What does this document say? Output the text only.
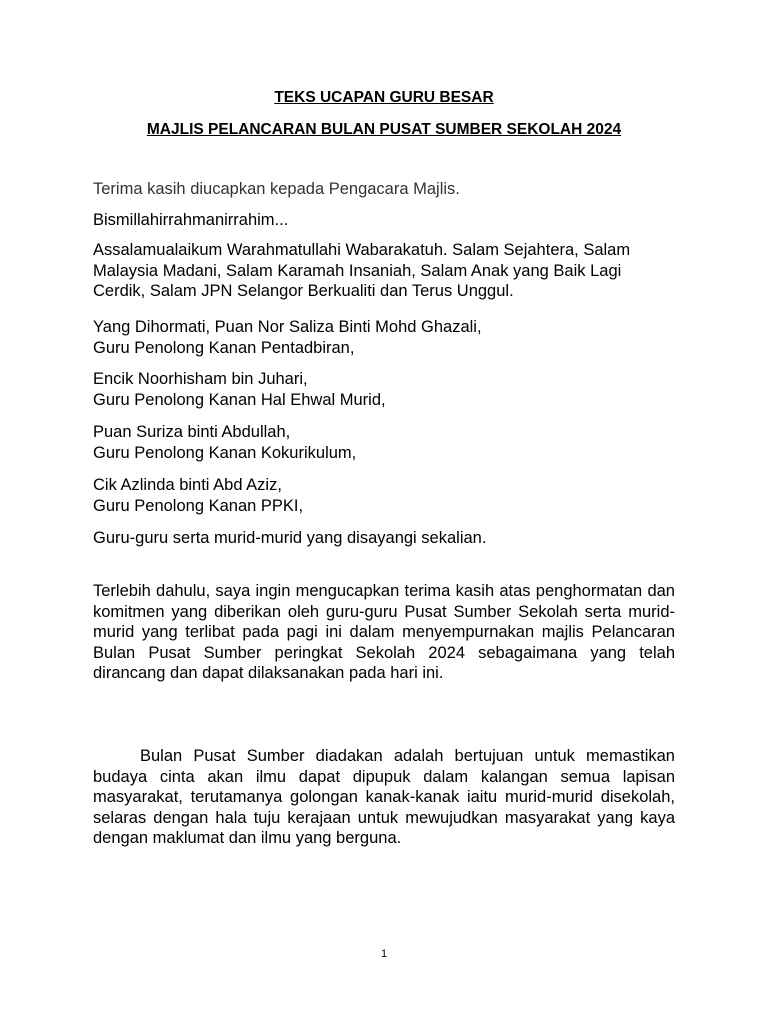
TEKS UCAPAN GURU BESAR

MAJLIS PELANCARAN BULAN PUSAT SUMBER SEKOLAH 2024

Terima kasih diucapkan kepada Pengacara Majlis.

Bismillahirrahmanirrahim...

Assalamualaikum Warahmatullahi Wabarakatuh. Salam Sejahtera, Salam Malaysia Madani, Salam Karamah Insaniah, Salam Anak yang Baik Lagi Cerdik, Salam JPN Selangor Berkualiti dan Terus Unggul.

Yang Dihormati, Puan Nor Saliza Binti Mohd Ghazali,
Guru Penolong Kanan Pentadbiran,
Encik Noorhisham bin Juhari,
Guru Penolong Kanan Hal Ehwal Murid,
Puan Suriza binti Abdullah,
Guru Penolong Kanan Kokurikulum,
Cik Azlinda binti Abd Aziz,
Guru Penolong Kanan PPKI,

Guru-guru serta murid-murid yang disayangi sekalian.

Terlebih dahulu, saya ingin mengucapkan terima kasih atas penghormatan dan komitmen yang diberikan oleh guru-guru Pusat Sumber Sekolah serta murid-murid yang terlibat pada pagi ini dalam menyempurnakan majlis Pelancaran Bulan Pusat Sumber peringkat Sekolah 2024 sebagaimana yang telah dirancang dan dapat dilaksanakan pada hari ini.

Bulan Pusat Sumber diadakan adalah bertujuan untuk memastikan budaya cinta akan ilmu dapat dipupuk dalam kalangan semua lapisan masyarakat, terutamanya golongan kanak-kanak iaitu murid-murid disekolah, selaras dengan hala tuju kerajaan untuk mewujudkan masyarakat yang kaya dengan maklumat dan ilmu yang berguna.

1
